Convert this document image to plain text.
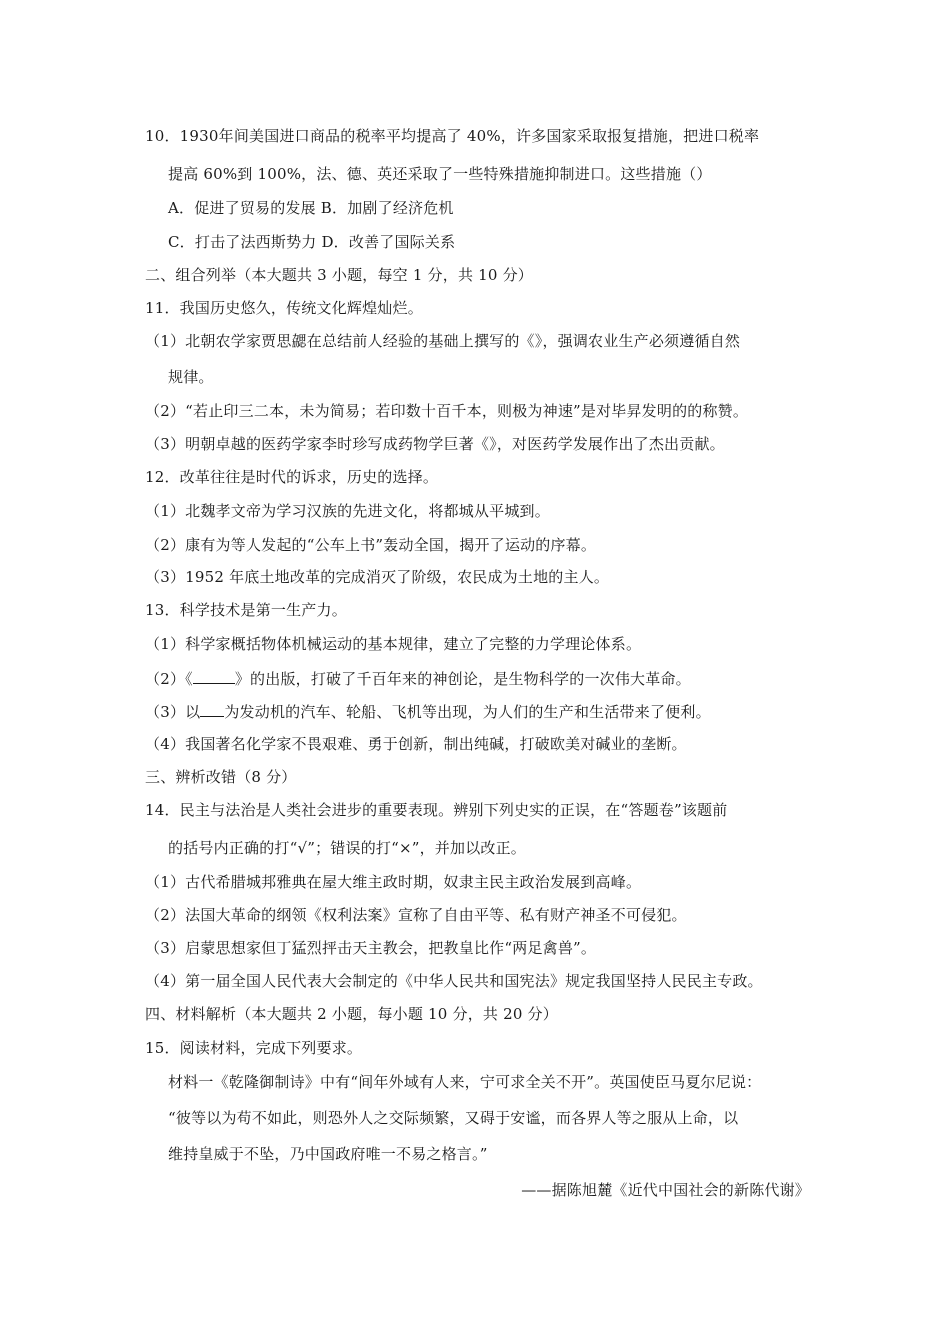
10．1930年间美国进口商品的税率平均提高了 40%，许多国家采取报复措施，把进口税率
提高 60%到 100%，法、德、英还采取了一些特殊措施抑制进口。这些措施（）
A．促进了贸易的发展 B．加剧了经济危机
C．打击了法西斯势力 D．改善了国际关系
二、组合列举（本大题共 3 小题，每空 1 分，共 10 分）
11．我国历史悠久，传统文化辉煌灿烂。
（1）北朝农学家贾思勰在总结前人经验的基础上撰写的《》，强调农业生产必须遵循自然
规律。
（2）“若止印三二本，未为简易；若印数十百千本，则极为神速”是对毕昇发明的的称赞。
（3）明朝卓越的医药学家李时珍写成药物学巨著《》，对医药学发展作出了杰出贡献。
12．改革往往是时代的诉求，历史的选择。
（1）北魏孝文帝为学习汉族的先进文化，将都城从平城到。
（2）康有为等人发起的“公车上书”轰动全国，揭开了运动的序幕。
（3）1952 年底土地改革的完成消灭了阶级，农民成为土地的主人。
13．科学技术是第一生产力。
（1）科学家概括物体机械运动的基本规律，建立了完整的力学理论体系。
（2）《	》的出版，打破了千百年来的神创论，是生物科学的一次伟大革命。
（3）以 为发动机的汽车、轮船、飞机等出现，为人们的生产和生活带来了便利。
（4）我国著名化学家不畏艰难、勇于创新，制出纯碱，打破欧美对碱业的垄断。
三、辨析改错（8 分）
14．民主与法治是人类社会进步的重要表现。辨别下列史实的正误，在“答题卷”该题前
的括号内正确的打“√”；错误的打“×”，并加以改正。
（1）古代希腊城邦雅典在屋大维主政时期，奴隶主民主政治发展到高峰。
（2）法国大革命的纲领《权利法案》宣称了自由平等、私有财产神圣不可侵犯。
（3）启蒙思想家但丁猛烈抨击天主教会，把教皇比作“两足禽兽”。
（4）第一届全国人民代表大会制定的《中华人民共和国宪法》规定我国坚持人民民主专政。
四、材料解析（本大题共 2 小题，每小题 10 分，共 20 分）
15．阅读材料，完成下列要求。
材料一《乾隆御制诗》中有“间年外域有人来，宁可求全关不开”。英国使臣马夏尔尼说：
“彼等以为苟不如此，则恐外人之交际频繁，又碍于安谧，而各界人等之服从上命，以
维持皇威于不坠，乃中国政府唯一不易之格言。”
——据陈旭麓《近代中国社会的新陈代谢》
